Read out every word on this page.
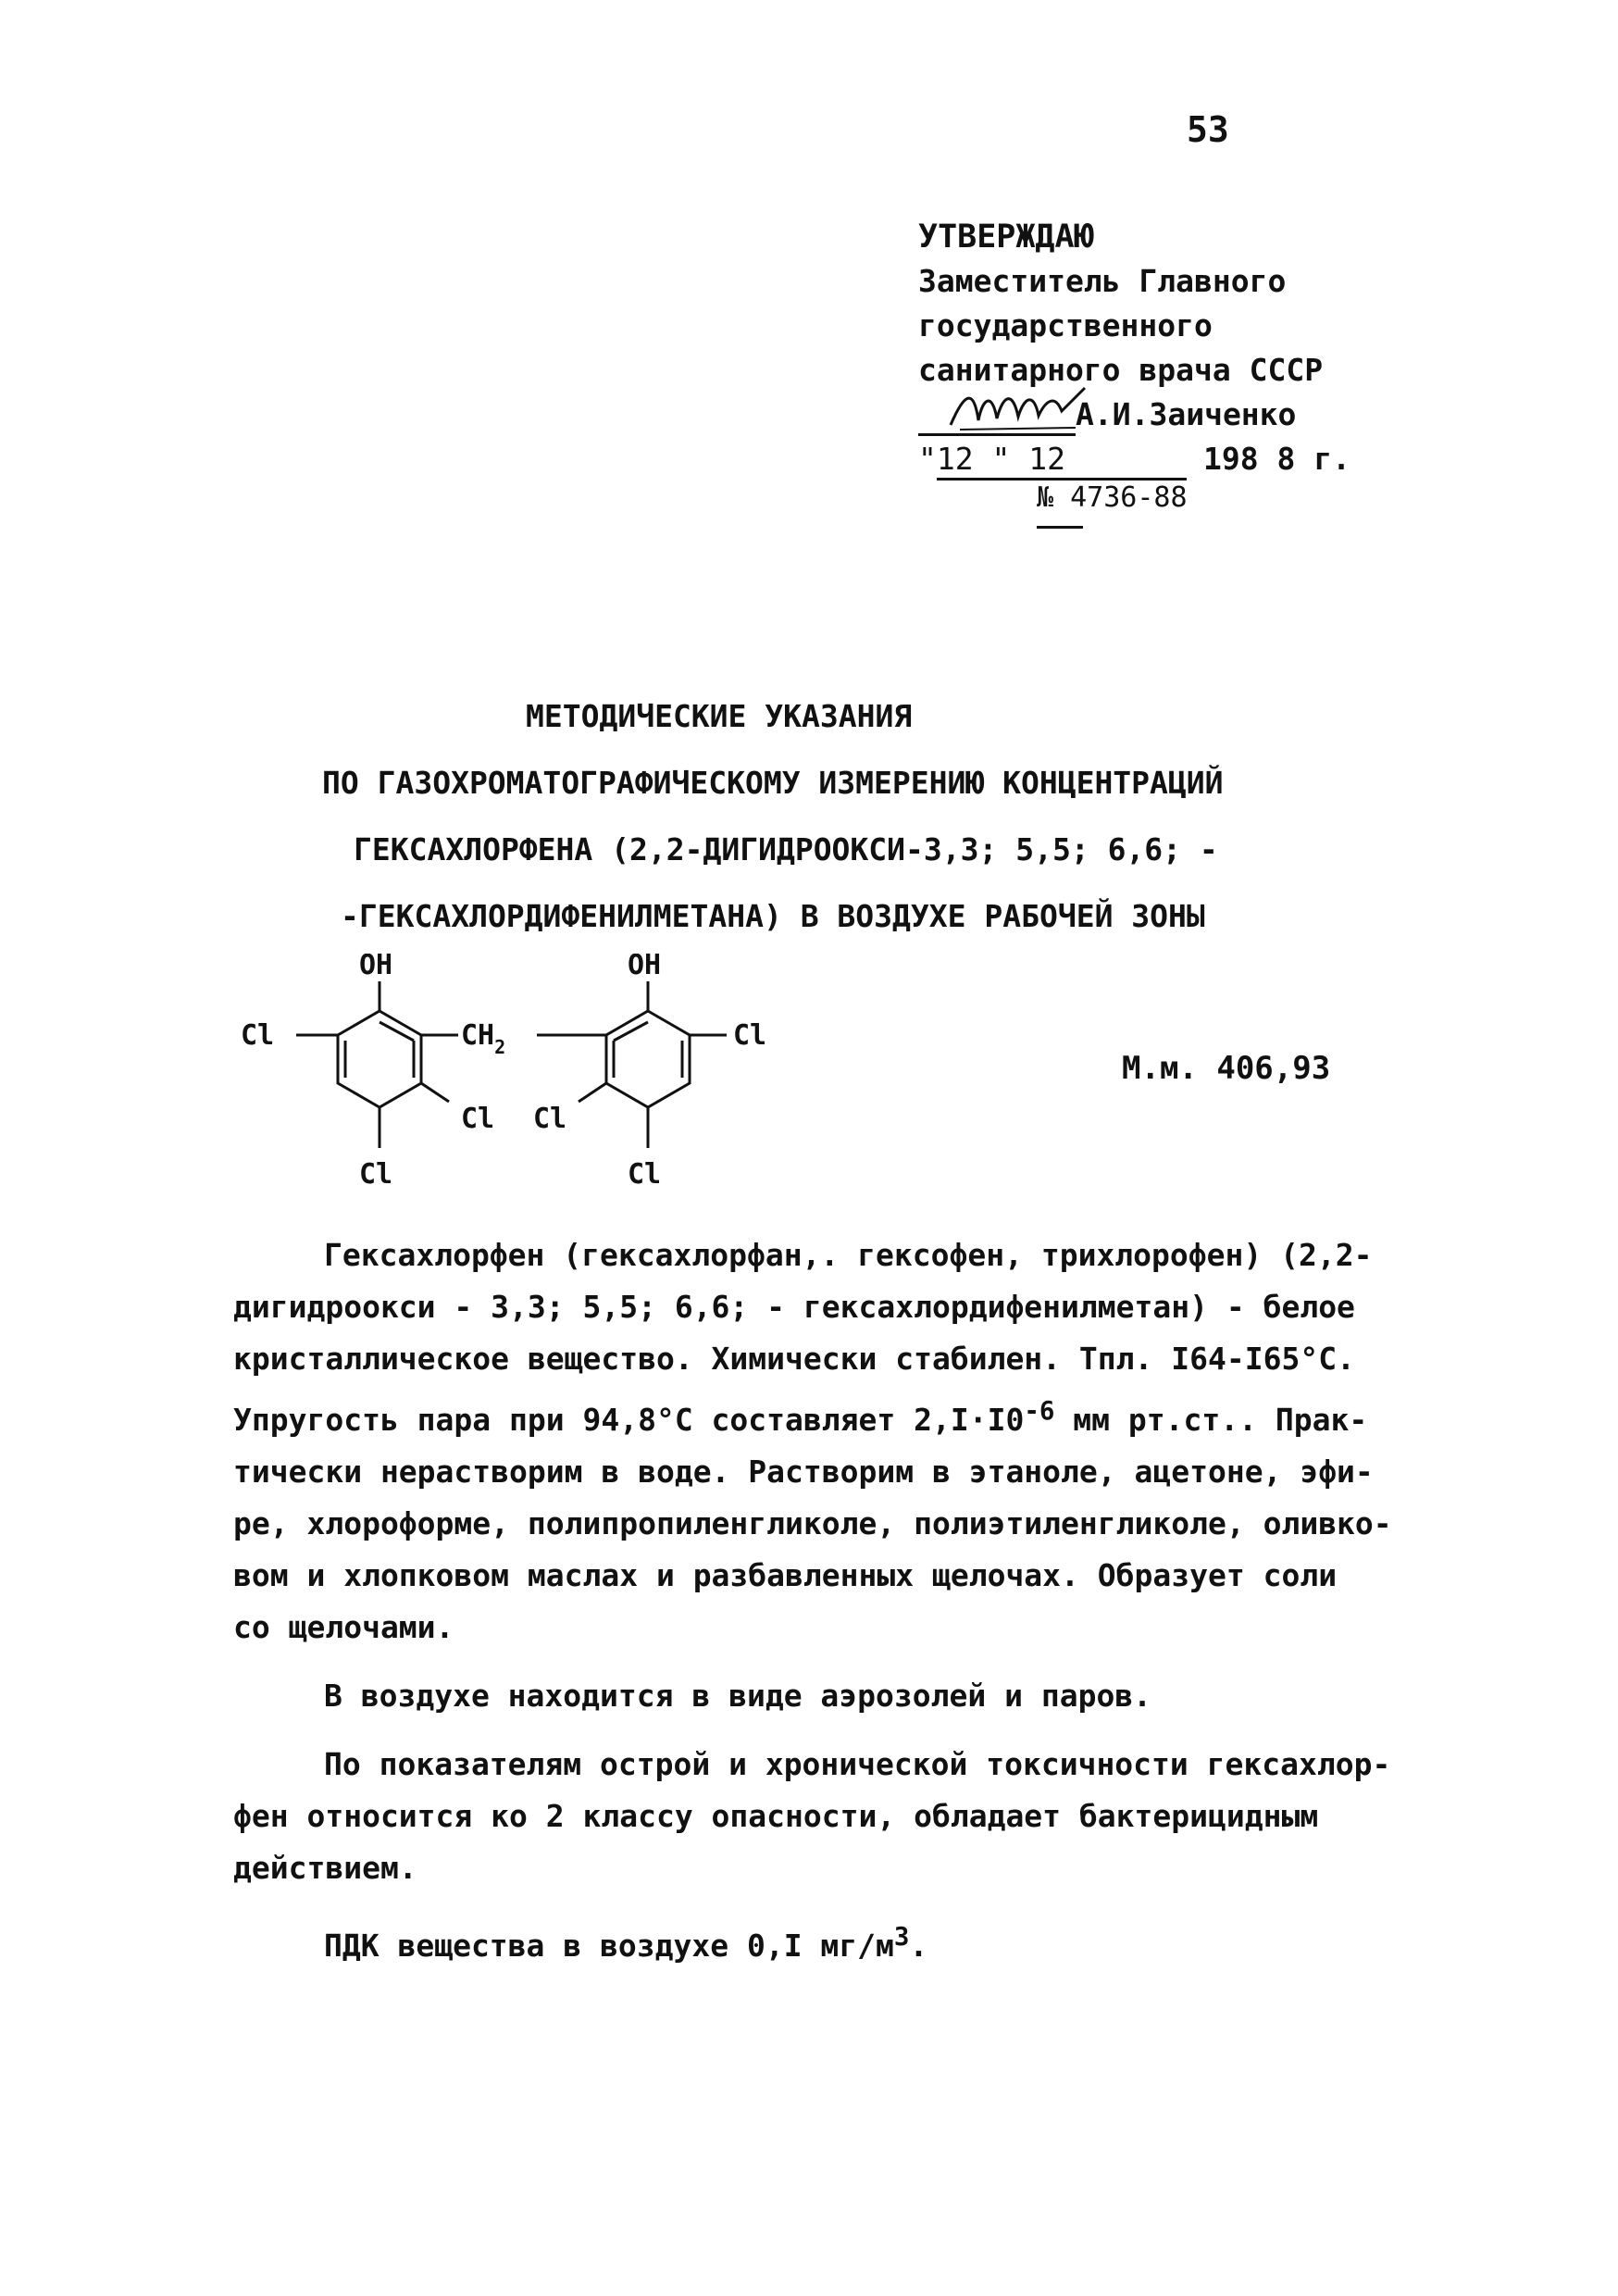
53
УТВЕРЖДАЮ
Заместитель Главного
государственного
санитарного врача СССР
А.И.Заиченко
"12 " 12	198 8 г.
№ 4736-88
МЕТОДИЧЕСКИЕ УКАЗАНИЯ
ПО ГАЗОХРОМАТОГРАФИЧЕСКОМУ ИЗМЕРЕНИЮ КОНЦЕНТРАЦИЙ
ГЕКСАХЛОРФЕНА (2,2-ДИГИДРООКСИ-3,3; 5,5; 6,6; -
-ГЕКСАХЛОРДИФЕНИЛМЕТАНА) В ВОЗДУХЕ РАБОЧЕЙ ЗОНЫ
OH	OH
Cl	$CH_2$	Cl
Cl Cl
Cl	Cl
М.м. 406,93

Гексахлорфен (гексахлорфан,. гексофен, трихлорофен) (2,2-

дигидроокси - 3,3; 5,5; 6,6; - гексахлордифенилметан) - белое

кристаллическое вещество. Химически стабилен. Тпл. I64-I65°С.

Упругость пара при 94,8°С составляет $2,I\cdot I0^{-6}$ мм рт.ст.. Прак-

тически нерастворим в воде. Растворим в этаноле, ацетоне, эфи-

ре, хлороформе, полипропиленгликоле, полиэтиленгликоле, оливко-

вом и хлопковом маслах и разбавленных щелочах. Образует соли

со щелочами.

В воздухе находится в виде аэрозолей и паров.

По показателям острой и хронической токсичности гексахлор-

фен относится ко 2 классу опасности, обладает бактерицидным

действием.

ПДК вещества в воздухе 0,I $мг/м^3$.
